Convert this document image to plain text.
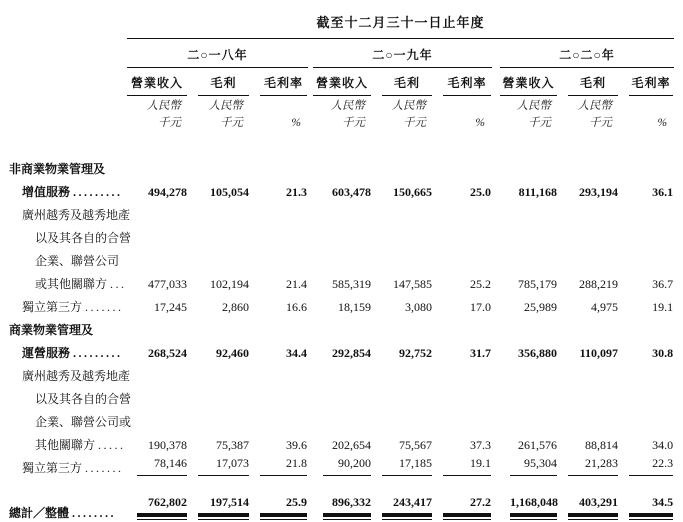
	截至十二月三十一日止年度										
	二○一八年				二○一九年				二○二○年		

	營業收入	毛利	毛利率		營業收入	毛利	毛利率		營業收入	毛利	毛利率

	人民幣	人民幣			人民幣	人民幣			人民幣	人民幣	
	千元	千元	%		千元	千元	%		千元	千元	%

非商業物業管理及											
增值服務 .........	494,278	105,054	21.3		603,478	150,665	25.0		811,168	293,194	36.1

廣州越秀及越秀地產											
以及其各自的合營											
企業、聯營公司											
或其他關聯方 ...	477,033	102,194	21.4		585,319	147,585	25.2		785,179	288,219	36.7

獨立第三方 .......	17,245	2,860	16.6		18,159	3,080	17.0		25,989	4,975	19.1

商業物業管理及											
運營服務 .........	268,524	92,460	34.4		292,854	92,752	31.7		356,880	110,097	30.8

廣州越秀及越秀地產											
以及其各自的合營											
企業、聯營公司或											
其他關聯方 .....	190,378	75,387	39.6		202,654	75,567	37.3		261,576	88,814	34.0

獨立第三方 .......	78,146	17,073	21.8		90,200	17,185	19.1		95,304	21,283	22.3

總計／整體 ........	762,802	197,514	25.9		896,332	243,417	27.2		1,168,048	403,291	34.5
